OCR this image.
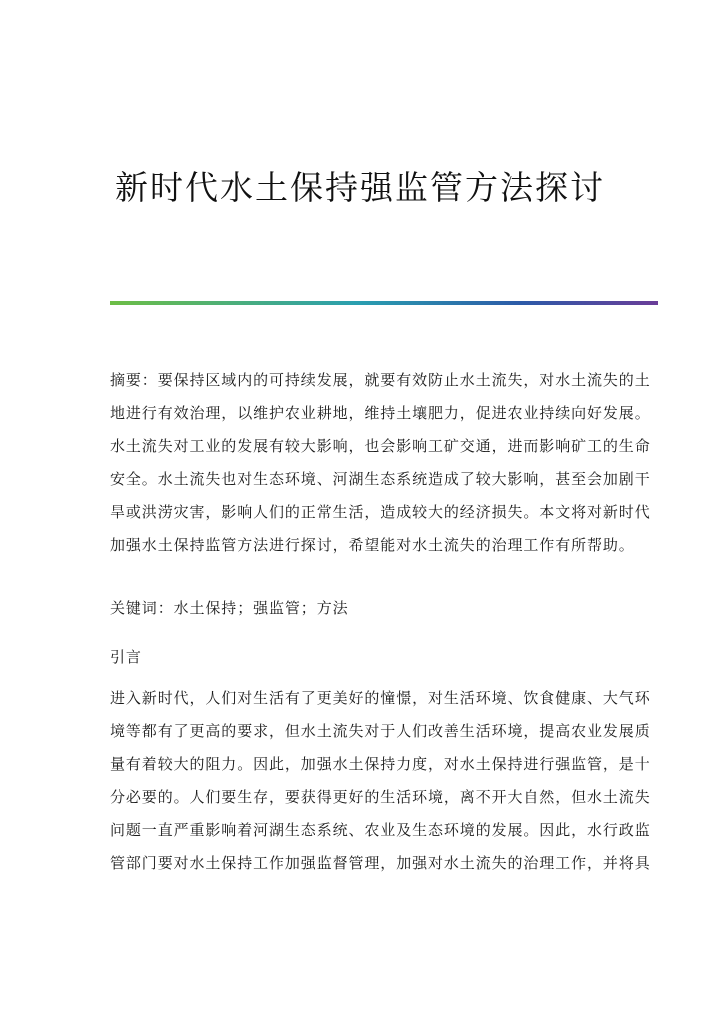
新时代水土保持强监管方法探讨
摘要：要保持区域内的可持续发展，就要有效防止水土流失，对水土流失的土
地进行有效治理，以维护农业耕地，维持土壤肥力，促进农业持续向好发展。
水土流失对工业的发展有较大影响，也会影响工矿交通，进而影响矿工的生命
安全。水土流失也对生态环境、河湖生态系统造成了较大影响，甚至会加剧干
旱或洪涝灾害，影响人们的正常生活，造成较大的经济损失。本文将对新时代
加强水土保持监管方法进行探讨，希望能对水土流失的治理工作有所帮助。
关键词：水土保持；强监管；方法
引言
进入新时代，人们对生活有了更美好的憧憬，对生活环境、饮食健康、大气环
境等都有了更高的要求，但水土流失对于人们改善生活环境，提高农业发展质
量有着较大的阻力。因此，加强水土保持力度，对水土保持进行强监管，是十
分必要的。人们要生存，要获得更好的生活环境，离不开大自然，但水土流失
问题一直严重影响着河湖生态系统、农业及生态环境的发展。因此，水行政监
管部门要对水土保持工作加强监督管理，加强对水土流失的治理工作，并将具
